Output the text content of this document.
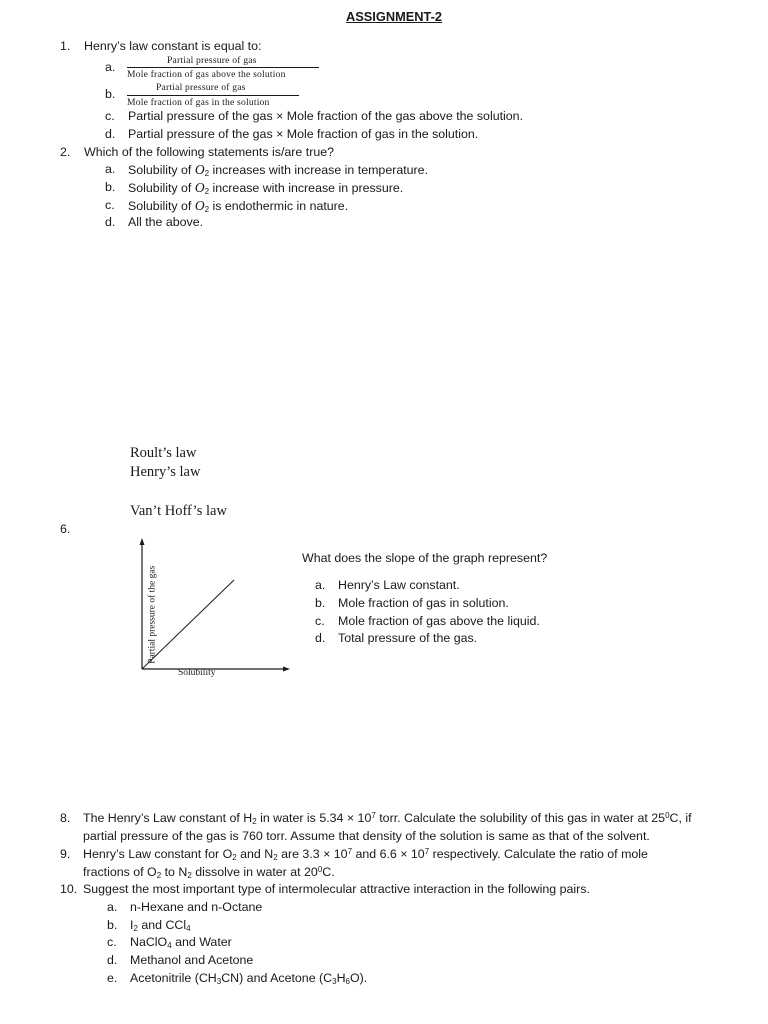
ASSIGNMENT-2
1. Henry’s law constant is equal to:
a.	Partial pressure of gas
Mole fraction of gas above the solution
b.	Partial pressure of gas
Mole fraction of gas in the solution
c. Partial pressure of the gas × Mole fraction of the gas above the solution.
d. Partial pressure of the gas × Mole fraction of gas in the solution.
2. Which of the following statements is/are true?
a. Solubility of $O_2$ increases with increase in temperature.
b. Solubility of $O_2$ increase with increase in pressure.
c. Solubility of $O_2$ is endothermic in nature.
d. All the above.
Roult’s law
Henry’s law
Van’t Hoff’s law
6.
Partial pressure of the gas
Solubility
What does the slope of the graph represent?
a. Henry’s Law constant.
b. Mole fraction of gas in solution.
c. Mole fraction of gas above the liquid.
d. Total pressure of the gas.
8. The Henry’s Law constant of $H_2$ in water is $5.34 \times 10^7$ torr. Calculate the solubility of this gas in water at $25^0C$, if
partial pressure of the gas is 760 torr. Assume that density of the solution is same as that of the solvent.
9. Henry’s Law constant for $O_2$ and $N_2$ are $3.3 \times 10^7$ and $6.6 \times 10^7$ respectively. Calculate the ratio of mole
fractions of $O_2$ to $N_2$ dissolve in water at $20^0C$.
10. Suggest the most important type of intermolecular attractive interaction in the following pairs.
a. n-Hexane and n-Octane
b. $I_2$ and CCl$_4$
c. NaClO$_4$ and Water
d. Methanol and Acetone
e. Acetonitrile $(CH_3CN)$ and Acetone $(C_3H_6O)$.
